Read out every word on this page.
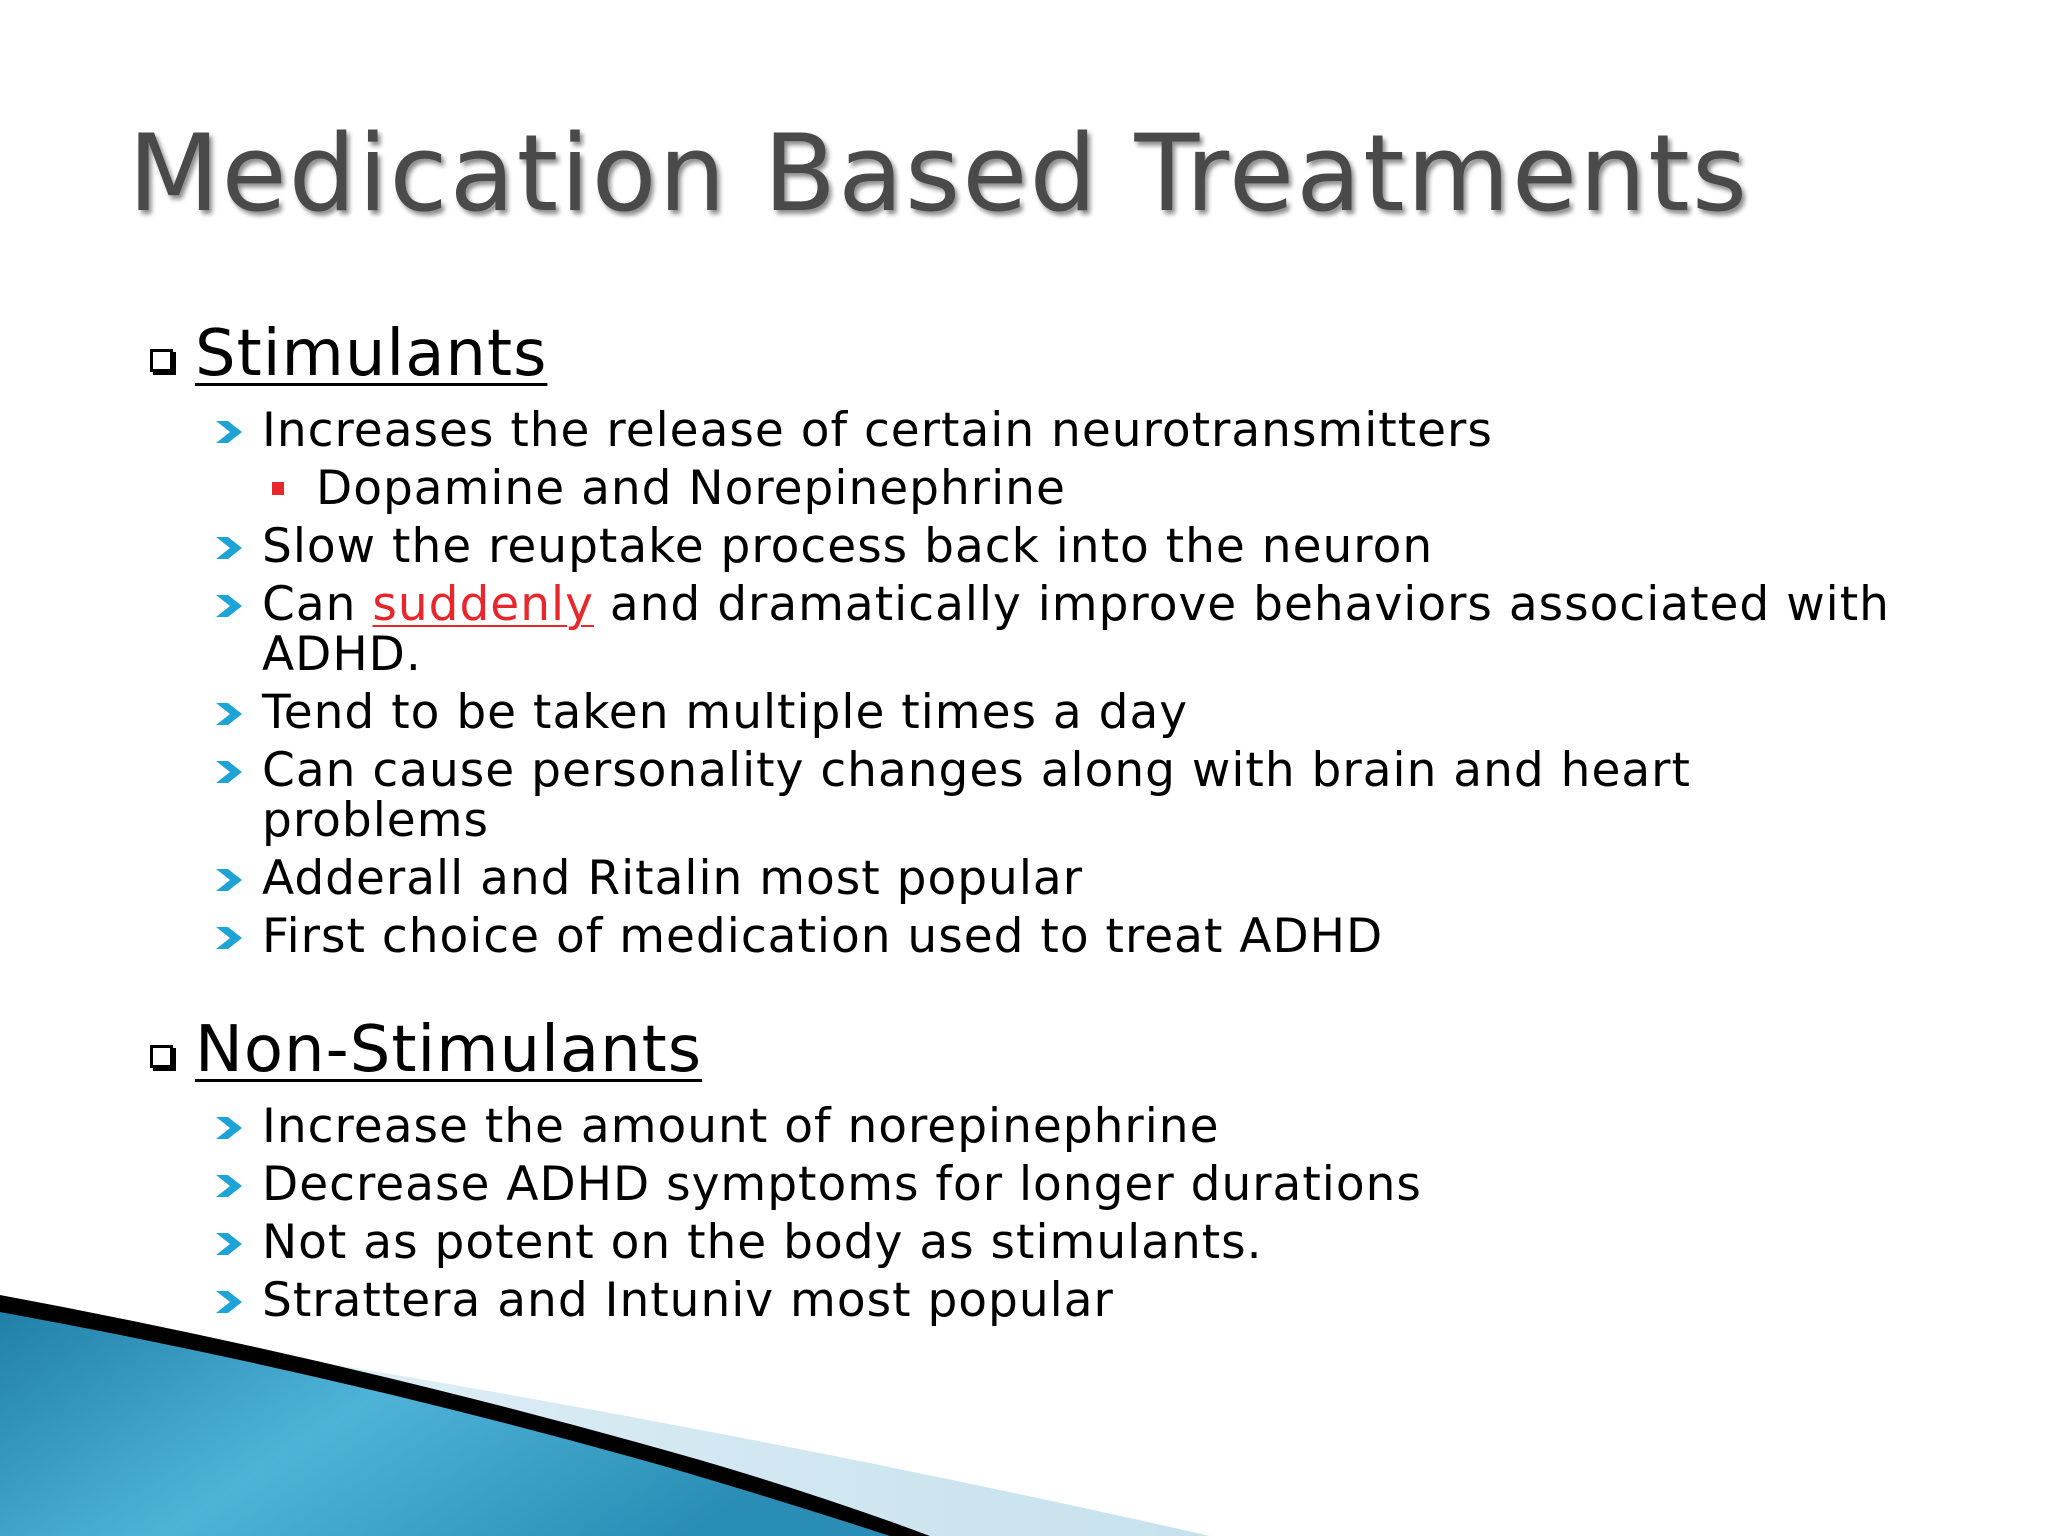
Medication Based Treatments
Stimulants
Increases the release of certain neurotransmitters
Dopamine and Norepinephrine
Slow the reuptake process back into the neuron
Can suddenly and dramatically improve behaviors associated with ADHD.
Tend to be taken multiple times a day
Can cause personality changes along with brain and heart problems
Adderall and Ritalin most popular
First choice of medication used to treat ADHD
Non-Stimulants
Increase the amount of norepinephrine
Decrease ADHD symptoms for longer durations
Not as potent on the body as stimulants.
Strattera and Intuniv most popular
